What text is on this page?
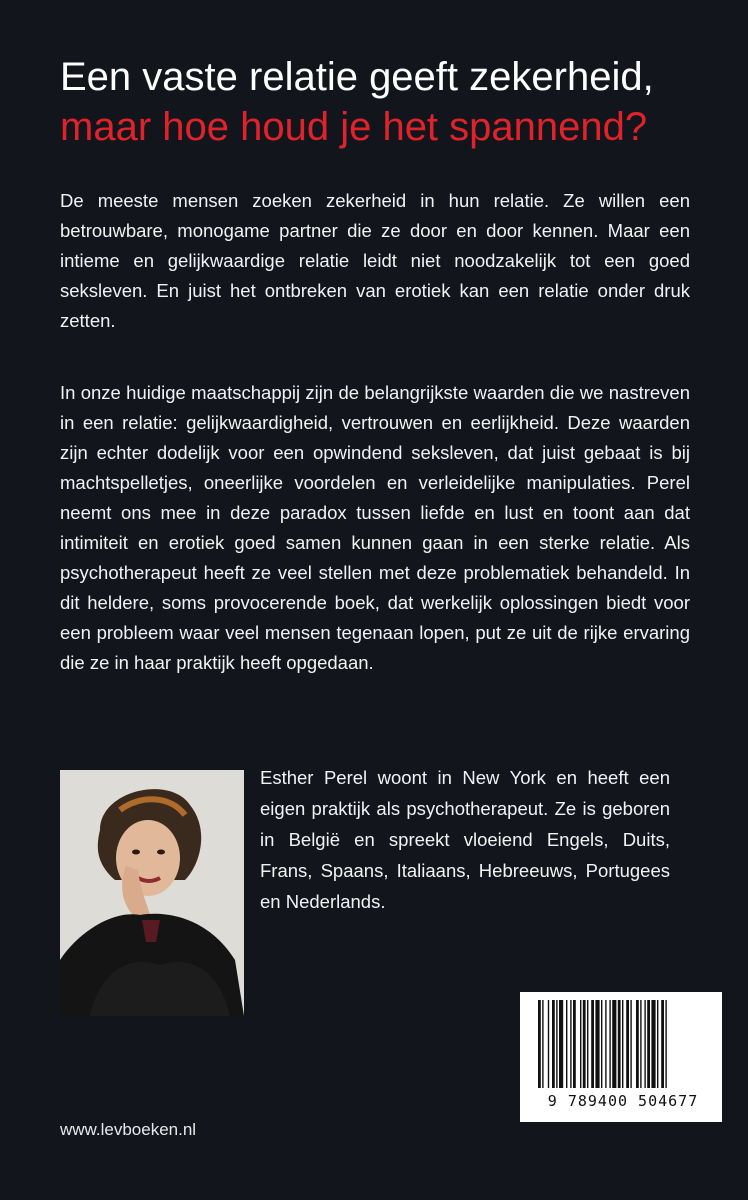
Een vaste relatie geeft zekerheid,
maar hoe houd je het spannend?

De meeste mensen zoeken zekerheid in hun relatie. Ze willen een betrouwbare, monogame partner die ze door en door kennen. Maar een intieme en gelijkwaardige relatie leidt niet noodzakelijk tot een goed seksleven. En juist het ontbreken van erotiek kan een relatie onder druk zetten.

In onze huidige maatschappij zijn de belangrijkste waarden die we nastreven in een relatie: gelijkwaardigheid, vertrouwen en eerlijkheid. Deze waarden zijn echter dodelijk voor een opwindend seksleven, dat juist gebaat is bij machtspelletjes, oneerlijke voordelen en verleidelijke manipulaties. Perel neemt ons mee in deze paradox tussen liefde en lust en toont aan dat intimiteit en erotiek goed samen kunnen gaan in een sterke relatie. Als psychotherapeut heeft ze veel stellen met deze problematiek behandeld. In dit heldere, soms provocerende boek, dat werkelijk oplossingen biedt voor een probleem waar veel mensen tegenaan lopen, put ze uit de rijke ervaring die ze in haar praktijk heeft opgedaan.

Esther Perel woont in New York en heeft een eigen praktijk als psychotherapeut. Ze is geboren in België en spreekt vloeiend Engels, Duits, Frans, Spaans, Italiaans, Hebreeuws, Portugees en Nederlands.

9 789400 504677
www.levboeken.nl
